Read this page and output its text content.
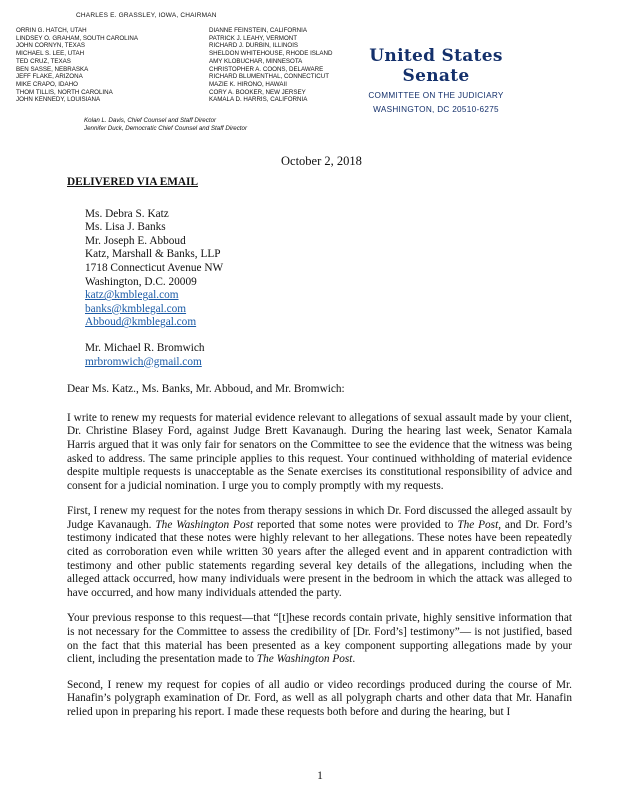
CHARLES E. GRASSLEY, IOWA, CHAIRMAN
ORRIN G. HATCH, UTAH
LINDSEY O. GRAHAM, SOUTH CAROLINA
JOHN CORNYN, TEXAS
MICHAEL S. LEE, UTAH
TED CRUZ, TEXAS
BEN SASSE, NEBRASKA
JEFF FLAKE, ARIZONA
MIKE CRAPO, IDAHO
THOM TILLIS, NORTH CAROLINA
JOHN KENNEDY, LOUISIANA
DIANNE FEINSTEIN, CALIFORNIA
PATRICK J. LEAHY, VERMONT
RICHARD J. DURBIN, ILLINOIS
SHELDON WHITEHOUSE, RHODE ISLAND
AMY KLOBUCHAR, MINNESOTA
CHRISTOPHER A. COONS, DELAWARE
RICHARD BLUMENTHAL, CONNECTICUT
MAZIE K. HIRONO, HAWAII
CORY A. BOOKER, NEW JERSEY
KAMALA D. HARRIS, CALIFORNIA
Kolan L. Davis, Chief Counsel and Staff Director
Jennifer Duck, Democratic Chief Counsel and Staff Director
United States Senate
COMMITTEE ON THE JUDICIARY
WASHINGTON, DC 20510-6275
October 2, 2018
DELIVERED VIA EMAIL
Ms. Debra S. Katz
Ms. Lisa J. Banks
Mr. Joseph E. Abboud
Katz, Marshall & Banks, LLP
1718 Connecticut Avenue NW
Washington, D.C. 20009
katz@kmblegal.com
banks@kmblegal.com
Abboud@kmblegal.com
Mr. Michael R. Bromwich
mrbromwich@gmail.com
Dear Ms. Katz., Ms. Banks, Mr. Abboud, and Mr. Bromwich:

I write to renew my requests for material evidence relevant to allegations of sexual assault made by your client, Dr. Christine Blasey Ford, against Judge Brett Kavanaugh. During the hearing last week, Senator Kamala Harris argued that it was only fair for senators on the Committee to see the evidence that the witness was being asked to address. The same principle applies to this request. Your continued withholding of material evidence despite multiple requests is unacceptable as the Senate exercises its constitutional responsibility of advice and consent for a judicial nomination. I urge you to comply promptly with my requests.

First, I renew my request for the notes from therapy sessions in which Dr. Ford discussed the alleged assault by Judge Kavanaugh. The Washington Post reported that some notes were provided to The Post, and Dr. Ford’s testimony indicated that these notes were highly relevant to her allegations. These notes have been repeatedly cited as corroboration even while written 30 years after the alleged event and in apparent contradiction with testimony and other public statements regarding several key details of the allegations, including when the alleged attack occurred, how many individuals were present in the bedroom in which the attack was alleged to have occurred, and how many individuals attended the party.

Your previous response to this request—that “[t]hese records contain private, highly sensitive information that is not necessary for the Committee to assess the credibility of [Dr. Ford’s] testimony”— is not justified, based on the fact that this material has been presented as a key component supporting allegations made by your client, including the presentation made to The Washington Post.

Second, I renew my request for copies of all audio or video recordings produced during the course of Mr. Hanafin’s polygraph examination of Dr. Ford, as well as all polygraph charts and other data that Mr. Hanafin relied upon in preparing his report. I made these requests both before and during the hearing, but I

1
